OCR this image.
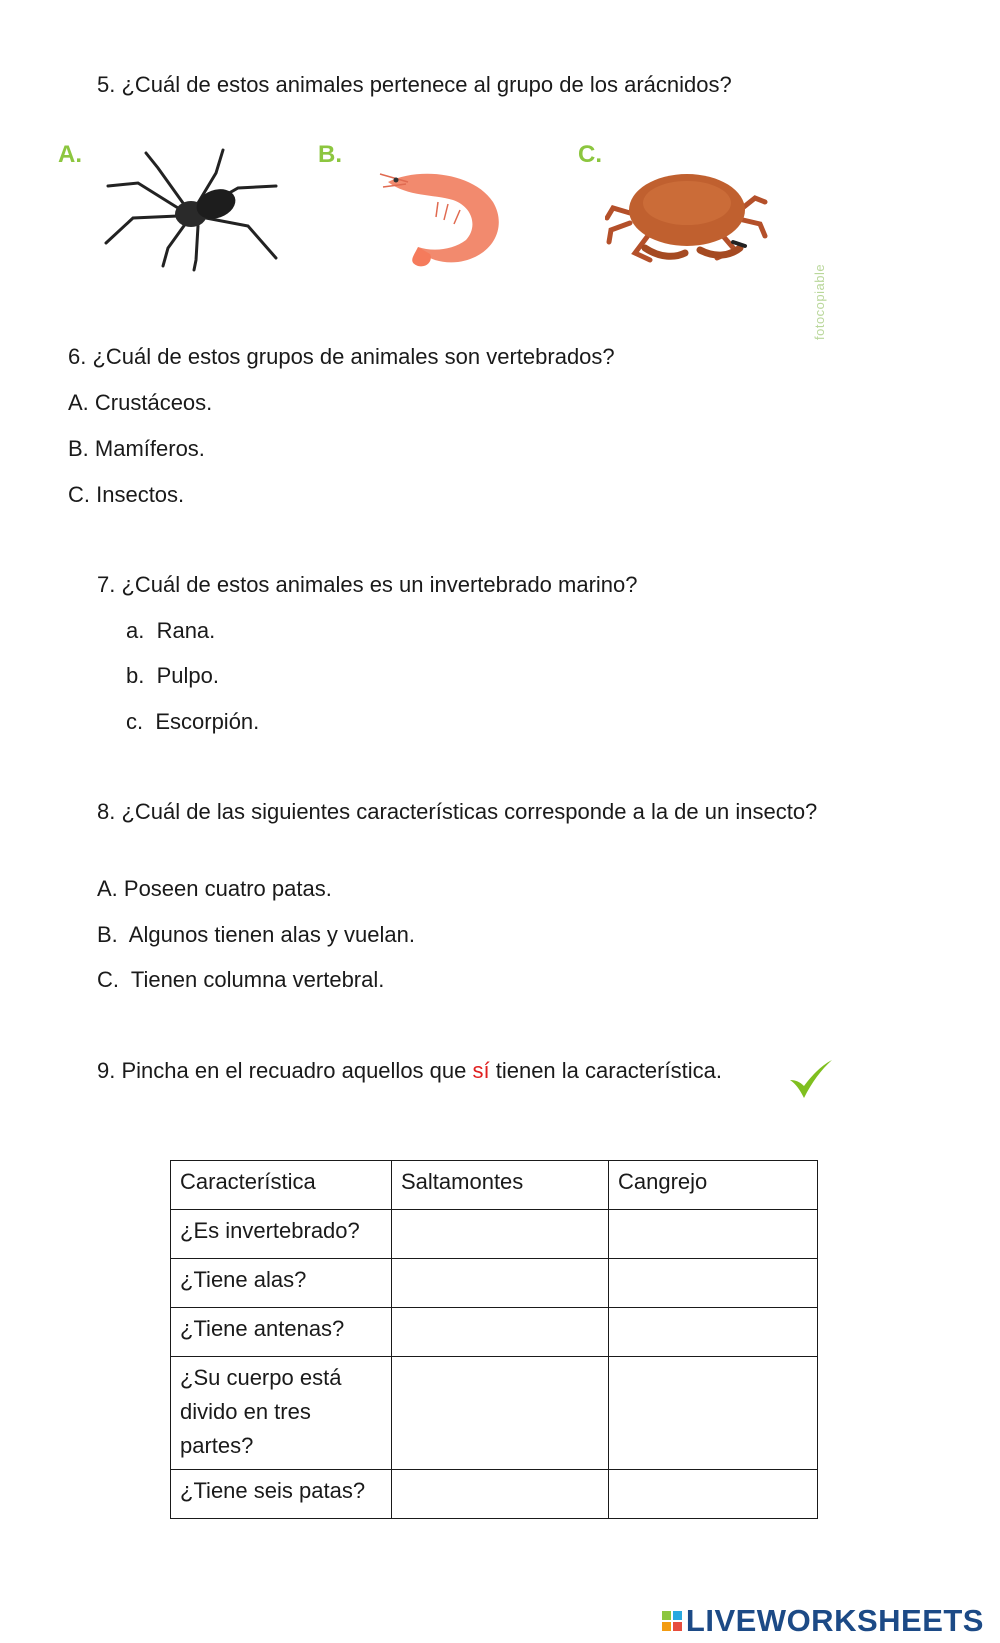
5. ¿Cuál de estos animales pertenece al grupo de los arácnidos?

A.	B.	C.
fotocopiable

6. ¿Cuál de estos grupos de animales son vertebrados?

A. Crustáceos.

B. Mamíferos.

C. Insectos.

7. ¿Cuál de estos animales es un invertebrado marino?

a.  Rana.

b.  Pulpo.

c.  Escorpión.

8. ¿Cuál de las siguientes características corresponde a la de un insecto?

A. Poseen cuatro patas.

B.  Algunos tienen alas y vuelan.

C.  Tienen columna vertebral.

9. Pincha en el recuadro aquellos que sí tienen la característica.

Característica	Saltamontes	Cangrejo
¿Es invertebrado?		
¿Tiene alas?		
¿Tiene antenas?		
¿Su cuerpo está divido en tres partes?		
¿Tiene seis patas?		
LIVEWORKSHEETS
